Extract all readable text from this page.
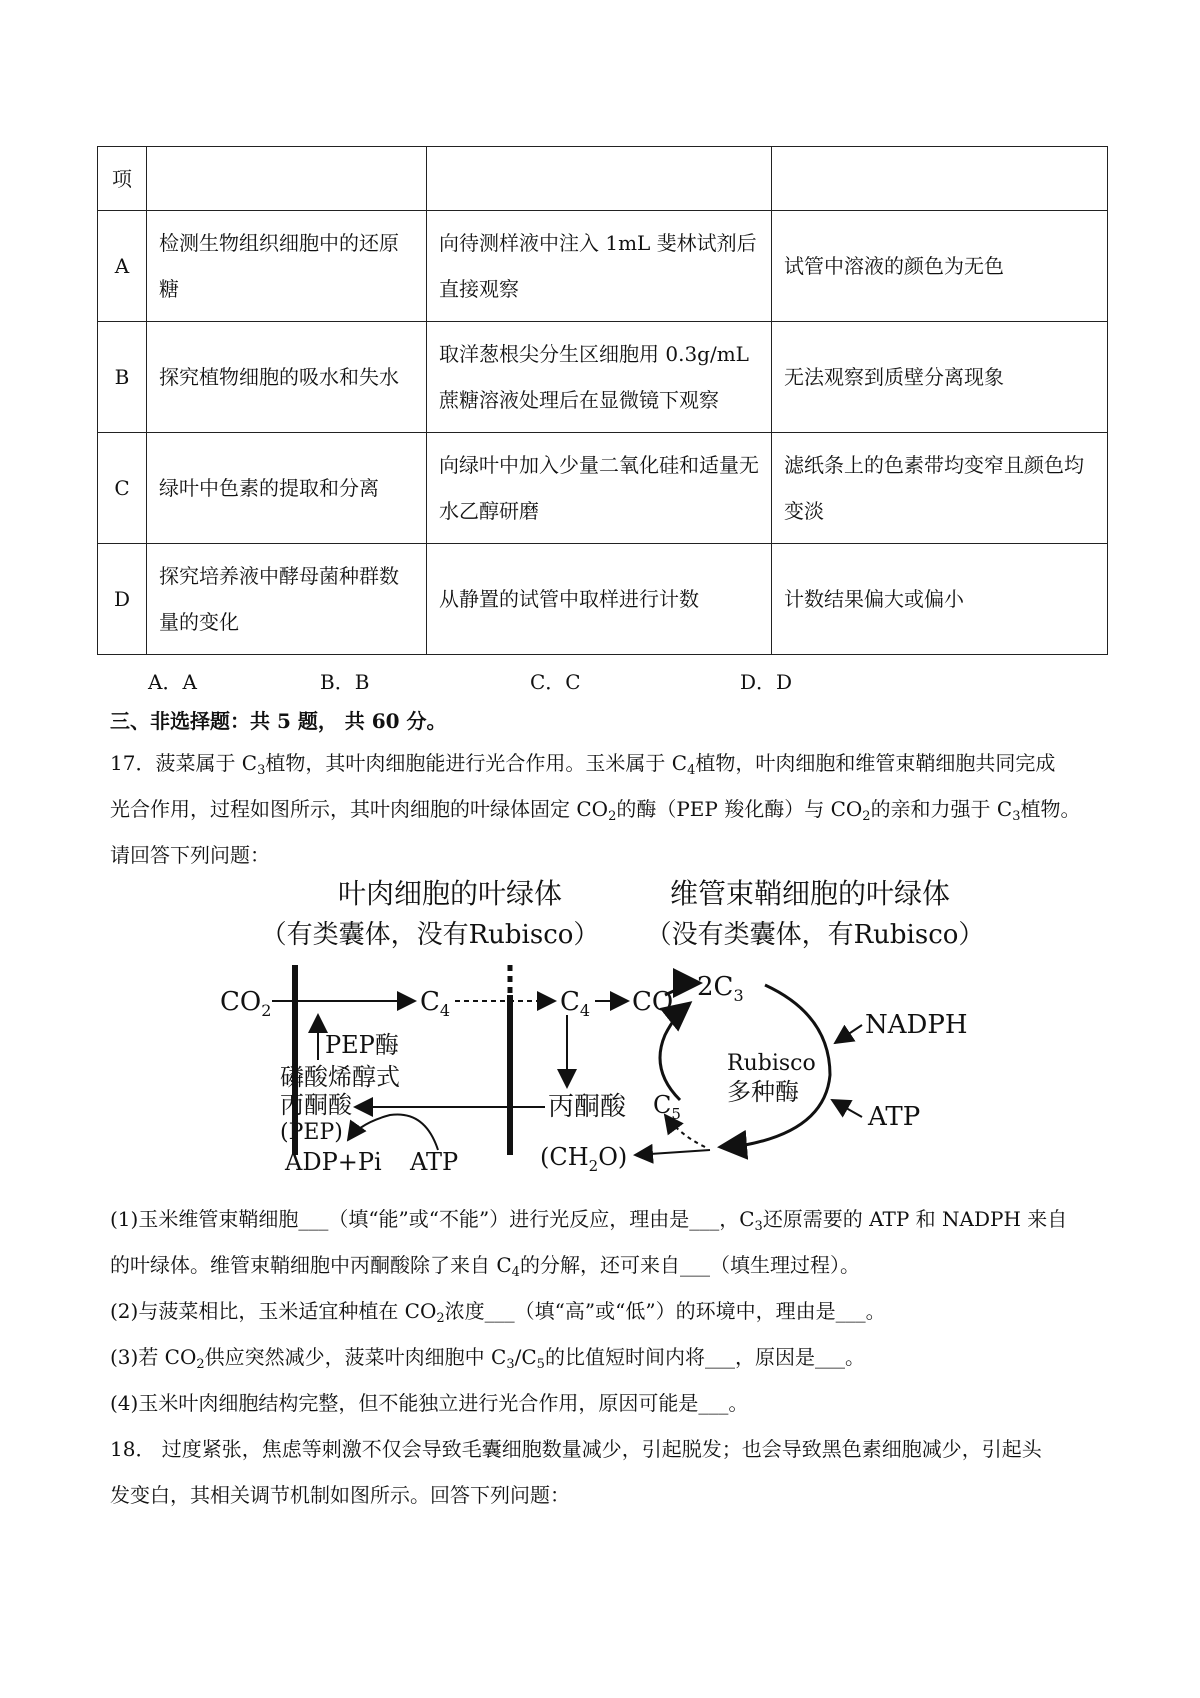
项			
A	检测生物组织细胞中的还原糖	向待测样液中注入 1mL 斐林试剂后直接观察	试管中溶液的颜色为无色
B	探究植物细胞的吸水和失水	取洋葱根尖分生区细胞用 0.3g/mL 蔗糖溶液处理后在显微镜下观察	无法观察到质壁分离现象
C	绿叶中色素的提取和分离	向绿叶中加入少量二氧化硅和适量无水乙醇研磨	滤纸条上的色素带均变窄且颜色均变淡
D	探究培养液中酵母菌种群数量的变化	从静置的试管中取样进行计数	计数结果偏大或偏小
A．A	B．B	C．C	D．D
三、非选择题：共 5 题， 共 60 分。
17．菠菜属于 $C_3$植物，其叶肉细胞能进行光合作用。玉米属于 $C_4$植物，叶肉细胞和维管束鞘细胞共同完成
光合作用，过程如图所示，其叶肉细胞的叶绿体固定 $CO_2$的酶（PEP 羧化酶）与 $CO_2$的亲和力强于 $C_3$植物。
请回答下列问题：
叶肉细胞的叶绿体
（有类囊体，没有Rubisco）
维管束鞘细胞的叶绿体
（没有类囊体，有Rubisco）
$CO_2$	$C_4$	$C_4$ $CO_2$
PEP酶
磷酸烯醇式
丙酮酸
(PEP)
ADP+Pi ATP
丙酮酸
$(CH_2O)$
$2C_3$
$C_5$
Rubisco
多种酶
NADPH
ATP
(1)玉米维管束鞘细胞___（填“能”或“不能”）进行光反应，理由是___，$C_3$还原需要的 ATP 和 NADPH 来自
的叶绿体。维管束鞘细胞中丙酮酸除了来自 $C_4$的分解，还可来自___（填生理过程）。
(2)与菠菜相比，玉米适宜种植在 $CO_2$浓度___（填“高”或“低”）的环境中，理由是___。
(3)若 $CO_2$供应突然减少，菠菜叶肉细胞中 $C_3/C_5$的比值短时间内将___，原因是___。
(4)玉米叶肉细胞结构完整，但不能独立进行光合作用，原因可能是___。
18． 过度紧张，焦虑等刺激不仅会导致毛囊细胞数量减少，引起脱发；也会导致黑色素细胞减少，引起头
发变白，其相关调节机制如图所示。回答下列问题：
